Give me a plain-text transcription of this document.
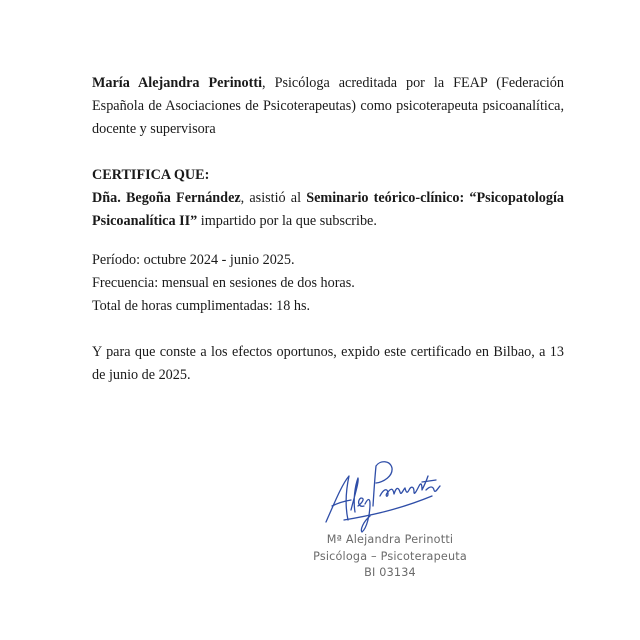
María Alejandra Perinotti, Psicóloga acreditada por la FEAP (Federación Española de Asociaciones de Psicoterapeutas) como psicoterapeuta psicoanalítica, docente y supervisora

CERTIFICA QUE:

Dña. Begoña Fernández, asistió al Seminario teórico-clínico: “Psicopatología Psicoanalítica II” impartido por la que subscribe.

Período: octubre 2024 - junio 2025.
Frecuencia: mensual en sesiones de dos horas.
Total de horas cumplimentadas: 18 hs.

Y para que conste a los efectos oportunos, expido este certificado en Bilbao, a 13 de junio de 2025.

Mª Alejandra Perinotti
Psicóloga – Psicoterapeuta
BI 03134
